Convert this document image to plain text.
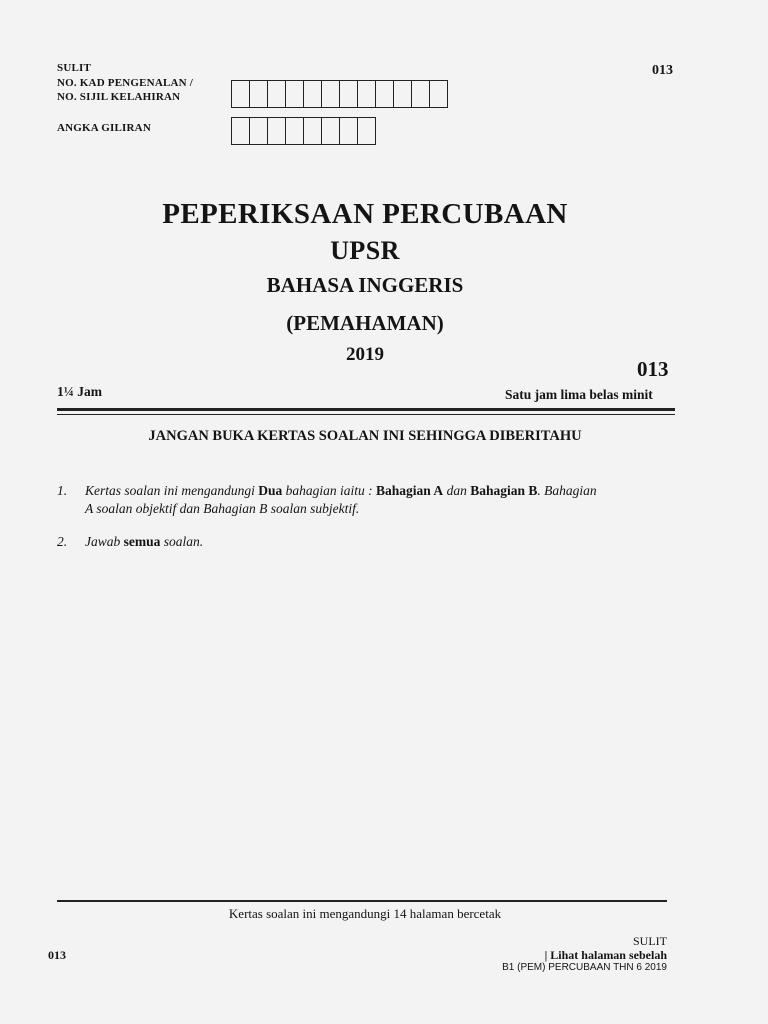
SULIT
NO. KAD PENGENALAN /
NO. SIJIL KELAHIRAN
ANGKA GILIRAN
013
PEPERIKSAAN PERCUBAAN
UPSR
BAHASA INGGERIS
(PEMAHAMAN)
2019
013
1¼ Jam	Satu jam lima belas minit
JANGAN BUKA KERTAS SOALAN INI SEHINGGA DIBERITAHU
1. Kertas soalan ini mengandungi Dua bahagian iaitu : Bahagian A dan Bahagian B. Bahagian
A soalan objektif dan Bahagian B soalan subjektif.
2. Jawab semua soalan.
Kertas soalan ini mengandungi 14 halaman bercetak
013
SULIT
| Lihat halaman sebelah
B1 (PEM) PERCUBAAN THN 6 2019
